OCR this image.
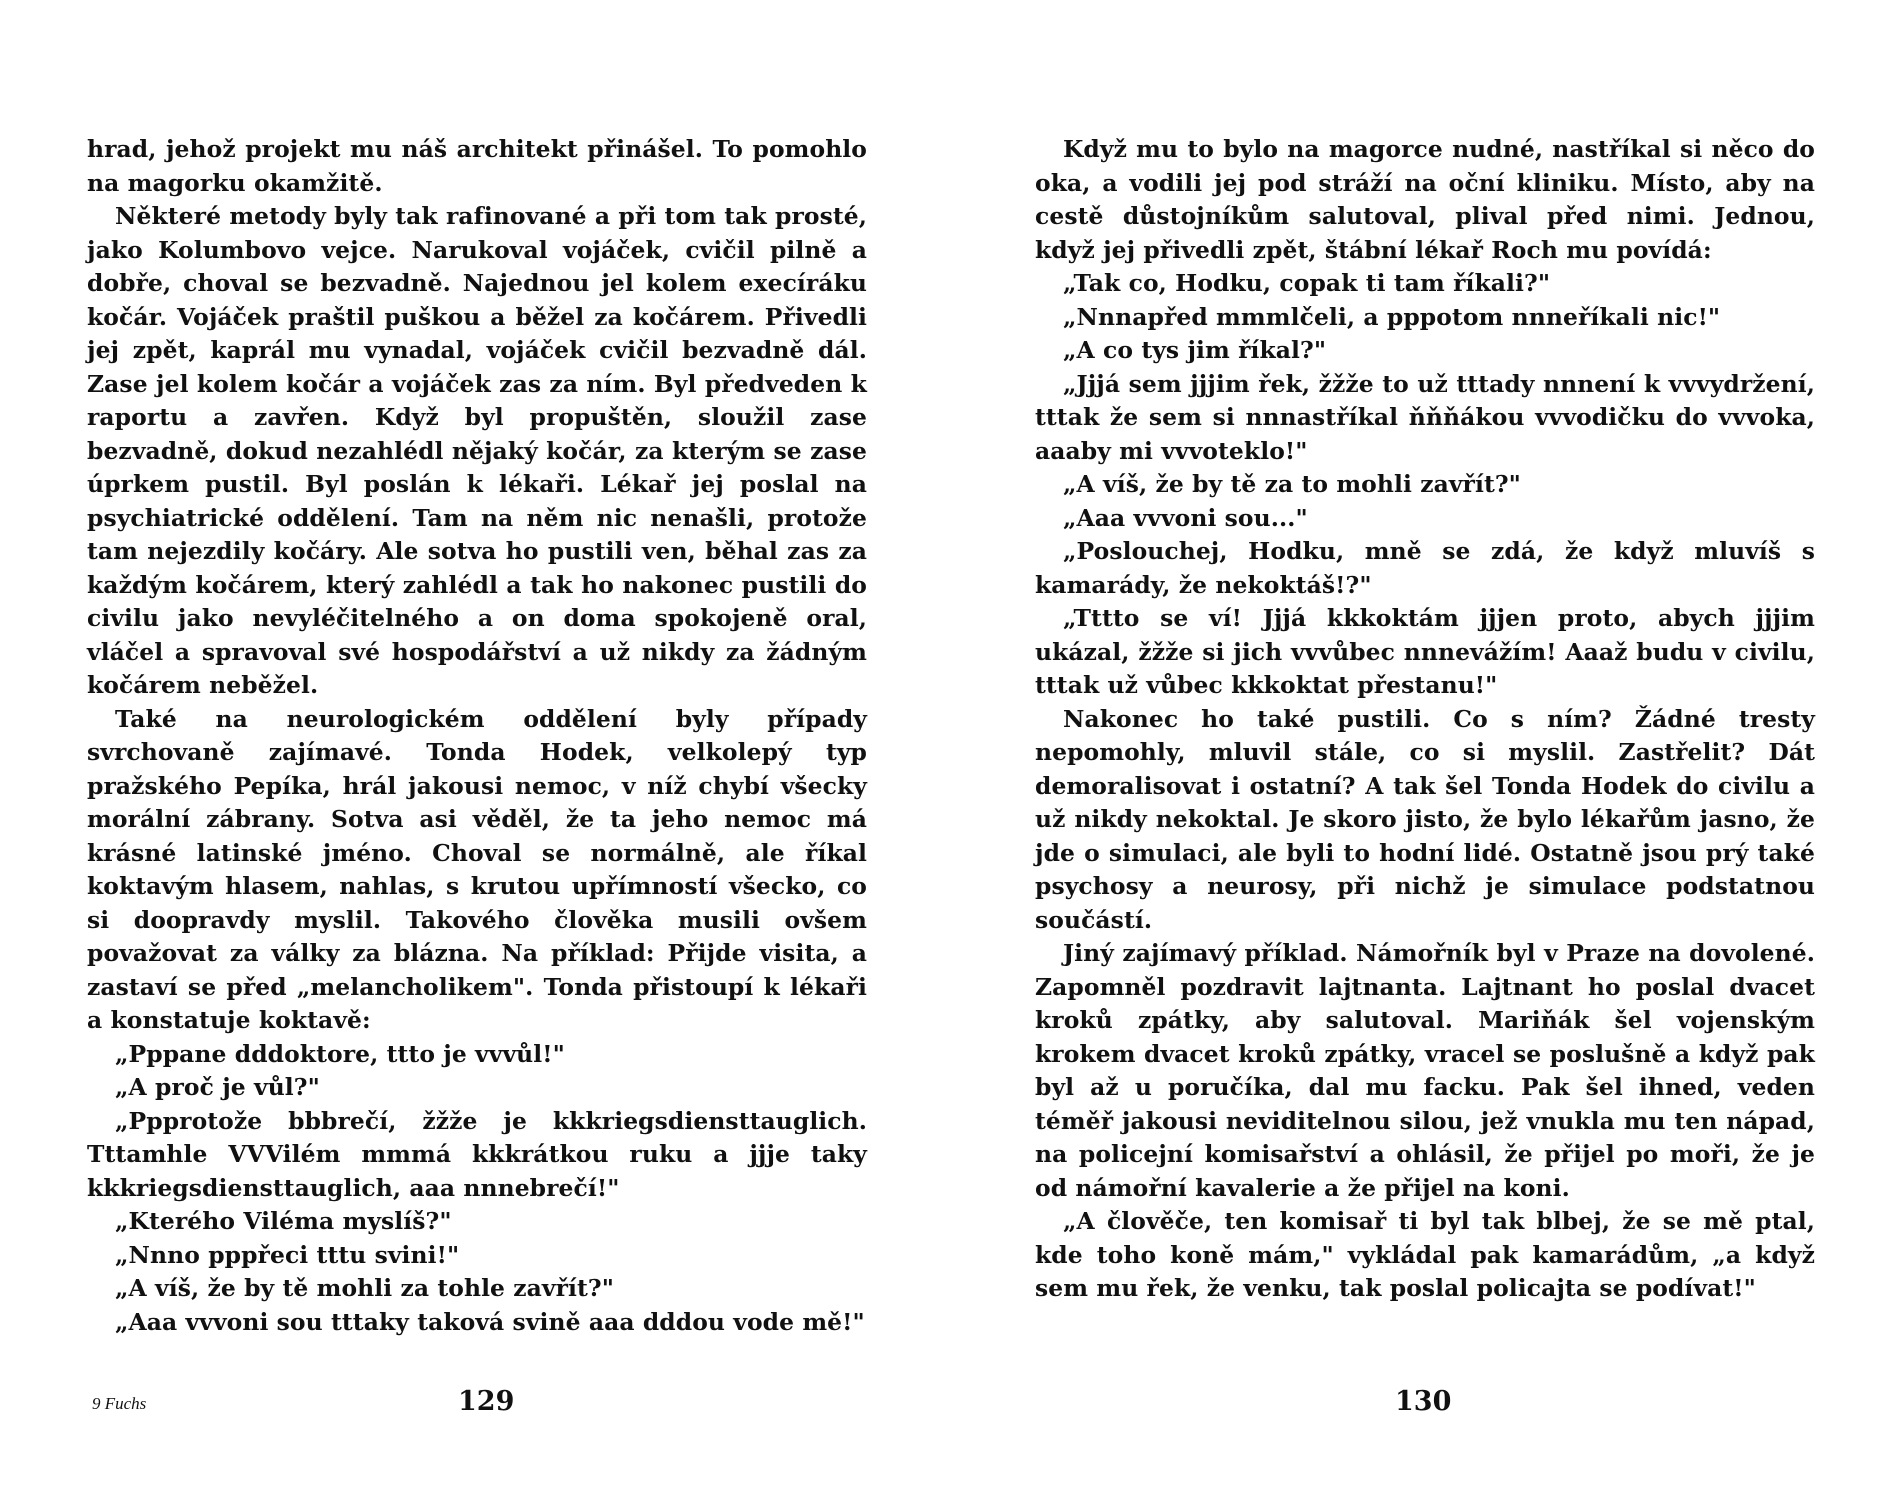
hrad, jehož projekt mu náš architekt přinášel. To pomohlo na magorku okamžitě.

Některé metody byly tak rafinované a při tom tak prosté, jako Kolumbovo vejce. Narukoval vojáček, cvičil pilně a dobře, choval se bezvadně. Najednou jel kolem execíráku kočár. Vojáček praštil puškou a běžel za kočárem. Přivedli jej zpět, kaprál mu vynadal, vojáček cvičil bezvadně dál. Zase jel kolem kočár a vojáček zas za ním. Byl předveden k raportu a zavřen. Když byl propuštěn, sloužil zase bezvadně, dokud nezahlédl nějaký kočár, za kterým se zase úprkem pustil. Byl poslán k lékaři. Lékař jej poslal na psychiatrické oddělení. Tam na něm nic nenašli, protože tam nejezdily kočáry. Ale sotva ho pustili ven, běhal zas za každým kočárem, který zahlédl a tak ho nakonec pustili do civilu jako nevyléčitelného a on doma spokojeně oral, vláčel a spravoval své hospodářství a už nikdy za žádným kočárem neběžel.

Také na neurologickém oddělení byly případy svrchovaně zajímavé. Tonda Hodek, velkolepý typ pražského Pepíka, hrál jakousi nemoc, v níž chybí všecky morální zábrany. Sotva asi věděl, že ta jeho nemoc má krásné latinské jméno. Choval se normálně, ale říkal koktavým hlasem, nahlas, s krutou upřímností všecko, co si doopravdy myslil. Takového člověka musili ovšem považovat za války za blázna. Na příklad: Přijde visita, a zastaví se před „melancholikem". Tonda přistoupí k lékaři a konstatuje koktavě:

„Pppane dddoktore, ttto je vvvůl!"

„A proč je vůl?"

„Ppprotože bbbrečí, žžže je kkkriegsdiensttauglich. Tttamhle VVVilém mmmá kkkrátkou ruku a jjje taky kkkriegsdiensttauglich, aaa nnnebrečí!"

„Kterého Viléma myslíš?"

„Nnno pppřeci tttu svini!"

„A víš, že by tě mohli za tohle zavřít?"

„Aaa vvvoni sou tttaky taková svině aaa dddou vode mě!"

9 Fuchs	129

Když mu to bylo na magorce nudné, nastříkal si něco do oka, a vodili jej pod stráží na oční kliniku. Místo, aby na cestě důstojníkům salutoval, plival před nimi. Jednou, když jej přivedli zpět, štábní lékař Roch mu povídá:

„Tak co, Hodku, copak ti tam říkali?"

„Nnnapřed mmmlčeli, a pppotom nnneříkali nic!"

„A co tys jim říkal?"

„Jjjá sem jjjim řek, žžže to už tttady nnnení k vvvydržení, tttak že sem si nnnastříkal ňňňákou vvvodičku do vvvoka, aaaby mi vvvoteklo!"

„A víš, že by tě za to mohli zavřít?"

„Aaa vvvoni sou..."

„Poslouchej, Hodku, mně se zdá, že když mluvíš s kamarády, že nekoktáš!?"

„Tttto se ví! Jjjá kkkoktám jjjen proto, abych jjjim ukázal, žžže si jich vvvůbec nnnevážím! Aaaž budu v civilu, tttak už vůbec kkkoktat přestanu!"

Nakonec ho také pustili. Co s ním? Žádné tresty nepomohly, mluvil stále, co si myslil. Zastřelit? Dát demoralisovat i ostatní? A tak šel Tonda Hodek do civilu a už nikdy nekoktal. Je skoro jisto, že bylo lékařům jasno, že jde o simulaci, ale byli to hodní lidé. Ostatně jsou prý také psychosy a neurosy, při nichž je simulace podstatnou součástí.

Jiný zajímavý příklad. Námořník byl v Praze na dovolené. Zapomněl pozdravit lajtnanta. Lajtnant ho poslal dvacet kroků zpátky, aby salutoval. Mariňák šel vojenským krokem dvacet kroků zpátky, vracel se poslušně a když pak byl až u poručíka, dal mu facku. Pak šel ihned, veden téměř jakousi neviditelnou silou, jež vnukla mu ten nápad, na policejní komisařství a ohlásil, že přijel po moři, že je od námořní kavalerie a že přijel na koni.

„A člověče, ten komisař ti byl tak blbej, že se mě ptal, kde toho koně mám," vykládal pak kamarádům, „a když sem mu řek, že venku, tak poslal policajta se podívat!"

130
